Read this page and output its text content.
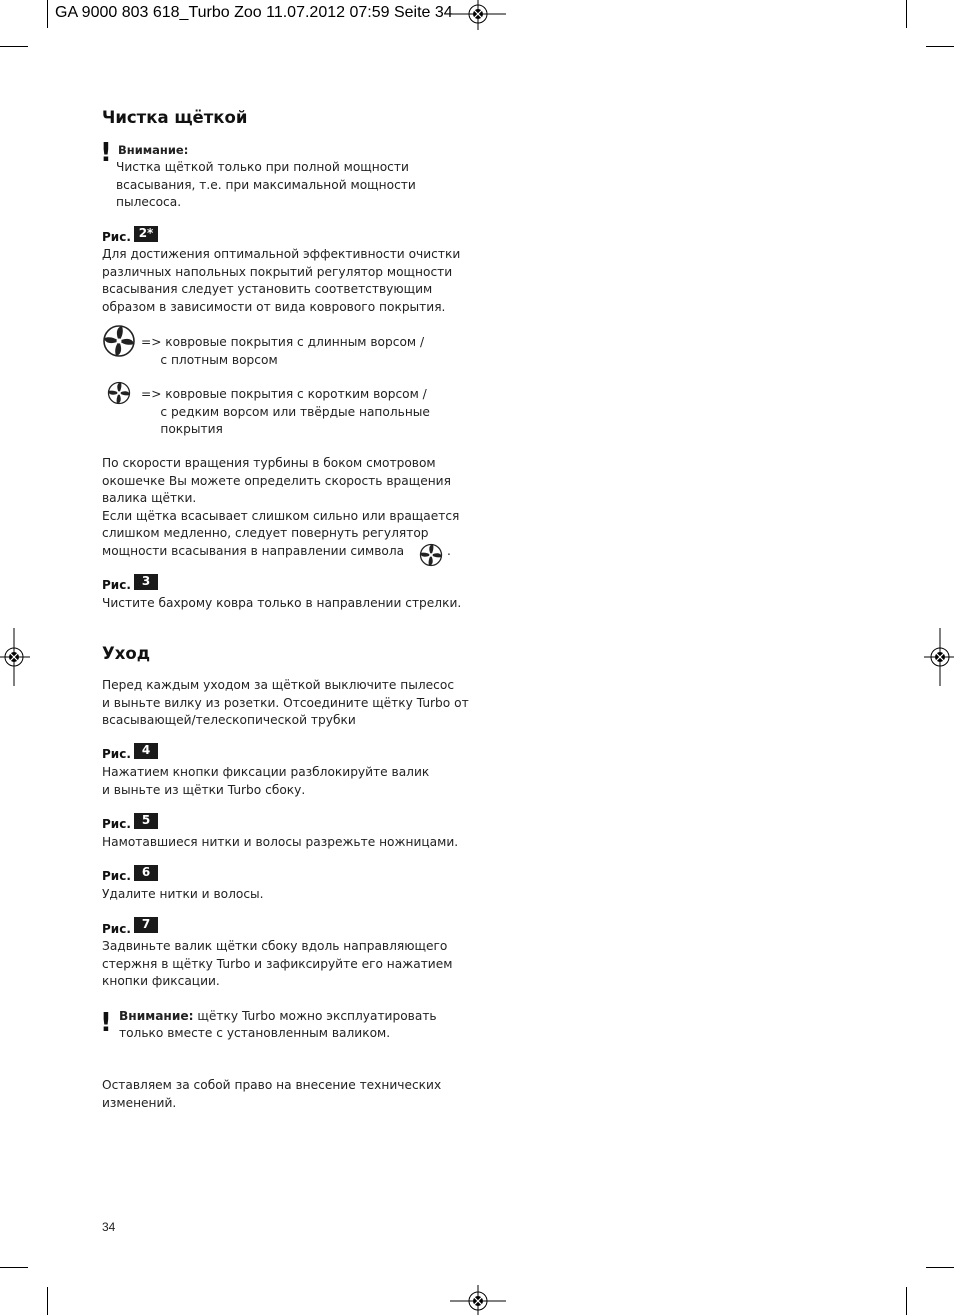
GA 9000 803 618_Turbo Zoo 11.07.2012 07:59 Seite 34
Чистка щёткой
! Внимание:
Чистка щёткой только при полной мощности
всасывания, т.е. при максимальной мощности
пылесоса.
Рис. 2*
Для достижения оптимальной эффективности очистки
различных напольных покрытий регулятор мощности
всасывания следует установить соответствующим
образом в зависимости от вида коврового покрытия.
=> ковровые покрытия с длинным ворсом /
с плотным ворсом
=> ковровые покрытия с коротким ворсом /
с редким ворсом или твёрдые напольные
покрытия
По скорости вращения турбины в боком смотровом
окошечке Вы можете определить скорость вращения
валика щётки.
Если щётка всасывает слишком сильно или вращается
слишком медленно, следует повернуть регулятор
мощности всасывания в направлении символа	.
Рис. 3
Чистите бахрому ковра только в направлении стрелки.
Уход
Перед каждым уходом за щёткой выключите пылесос
и выньте вилку из розетки. Отсоедините щётку Turbo от
всасывающей/телескопической трубки
Рис. 4
Нажатием кнопки фиксации разблокируйте валик
и выньте из щётки Turbo сбоку.
Рис. 5
Намотавшиеся нитки и волосы разрежьте ножницами.
Рис. 6
Удалите нитки и волосы.
Рис. 7
Задвиньте валик щётки сбоку вдоль направляющего
стержня в щётку Turbo и зафиксируйте его нажатием
кнопки фиксации.
! Внимание: щётку Turbo можно эксплуатировать
только вместе с установленным валиком.
Оставляем за собой право на внесение технических
изменений.
34
